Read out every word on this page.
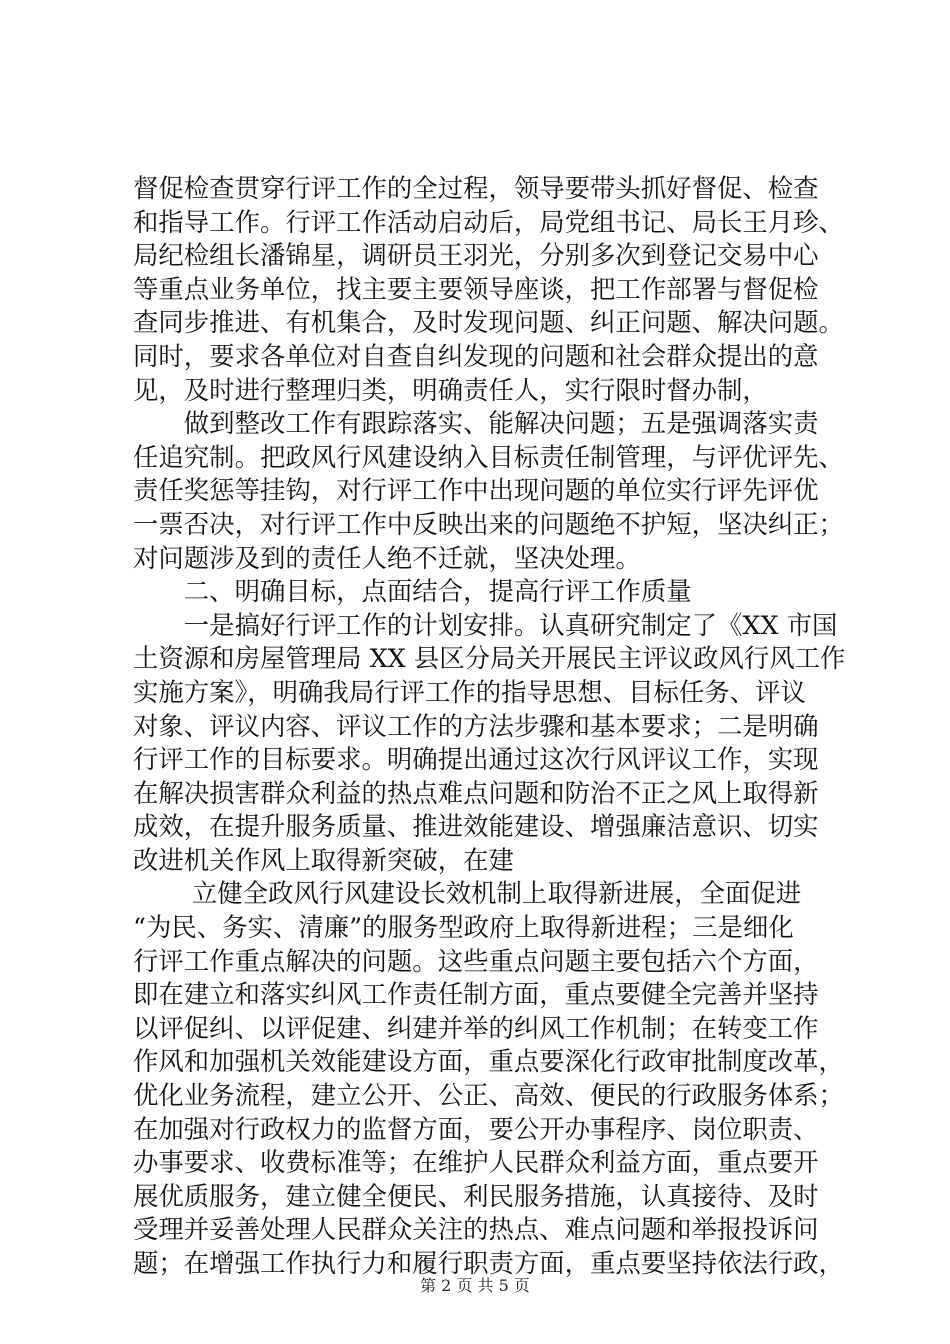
督促检查贯穿行评工作的全过程，领导要带头抓好督促、检查
和指导工作。行评工作活动启动后，局党组书记、局长王月珍、
局纪检组长潘锦星，调研员王羽光，分别多次到登记交易中心
等重点业务单位，找主要主要领导座谈，把工作部署与督促检
查同步推进、有机集合，及时发现问题、纠正问题、解决问题。
同时，要求各单位对自查自纠发现的问题和社会群众提出的意
见，及时进行整理归类，明确责任人，实行限时督办制，
　　做到整改工作有跟踪落实、能解决问题；五是强调落实责
任追究制。把政风行风建设纳入目标责任制管理，与评优评先、
责任奖惩等挂钩，对行评工作中出现问题的单位实行评先评优
一票否决，对行评工作中反映出来的问题绝不护短，坚决纠正；
对问题涉及到的责任人绝不迁就，坚决处理。
　　二、明确目标，点面结合，提高行评工作质量
　　一是搞好行评工作的计划安排。认真研究制定了《XX 市国
土资源和房屋管理局 XX 县区分局关开展民主评议政风行风工作
实施方案》，明确我局行评工作的指导思想、目标任务、评议
对象、评议内容、评议工作的方法步骤和基本要求；二是明确
行评工作的目标要求。明确提出通过这次行风评议工作，实现
在解决损害群众利益的热点难点问题和防治不正之风上取得新
成效，在提升服务质量、推进效能建设、增强廉洁意识、切实
改进机关作风上取得新突破，在建
　　 立健全政风行风建设长效机制上取得新进展，全面促进
“为民、务实、清廉”的服务型政府上取得新进程；三是细化
行评工作重点解决的问题。这些重点问题主要包括六个方面，
即在建立和落实纠风工作责任制方面，重点要健全完善并坚持
以评促纠、以评促建、纠建并举的纠风工作机制；在转变工作
作风和加强机关效能建设方面，重点要深化行政审批制度改革，
优化业务流程，建立公开、公正、高效、便民的行政服务体系；
在加强对行政权力的监督方面，要公开办事程序、岗位职责、
办事要求、收费标准等；在维护人民群众利益方面，重点要开
展优质服务，建立健全便民、利民服务措施，认真接待、及时
受理并妥善处理人民群众关注的热点、难点问题和举报投诉问
题；在增强工作执行力和履行职责方面，重点要坚持依法行政，
第 2 页 共 5 页
